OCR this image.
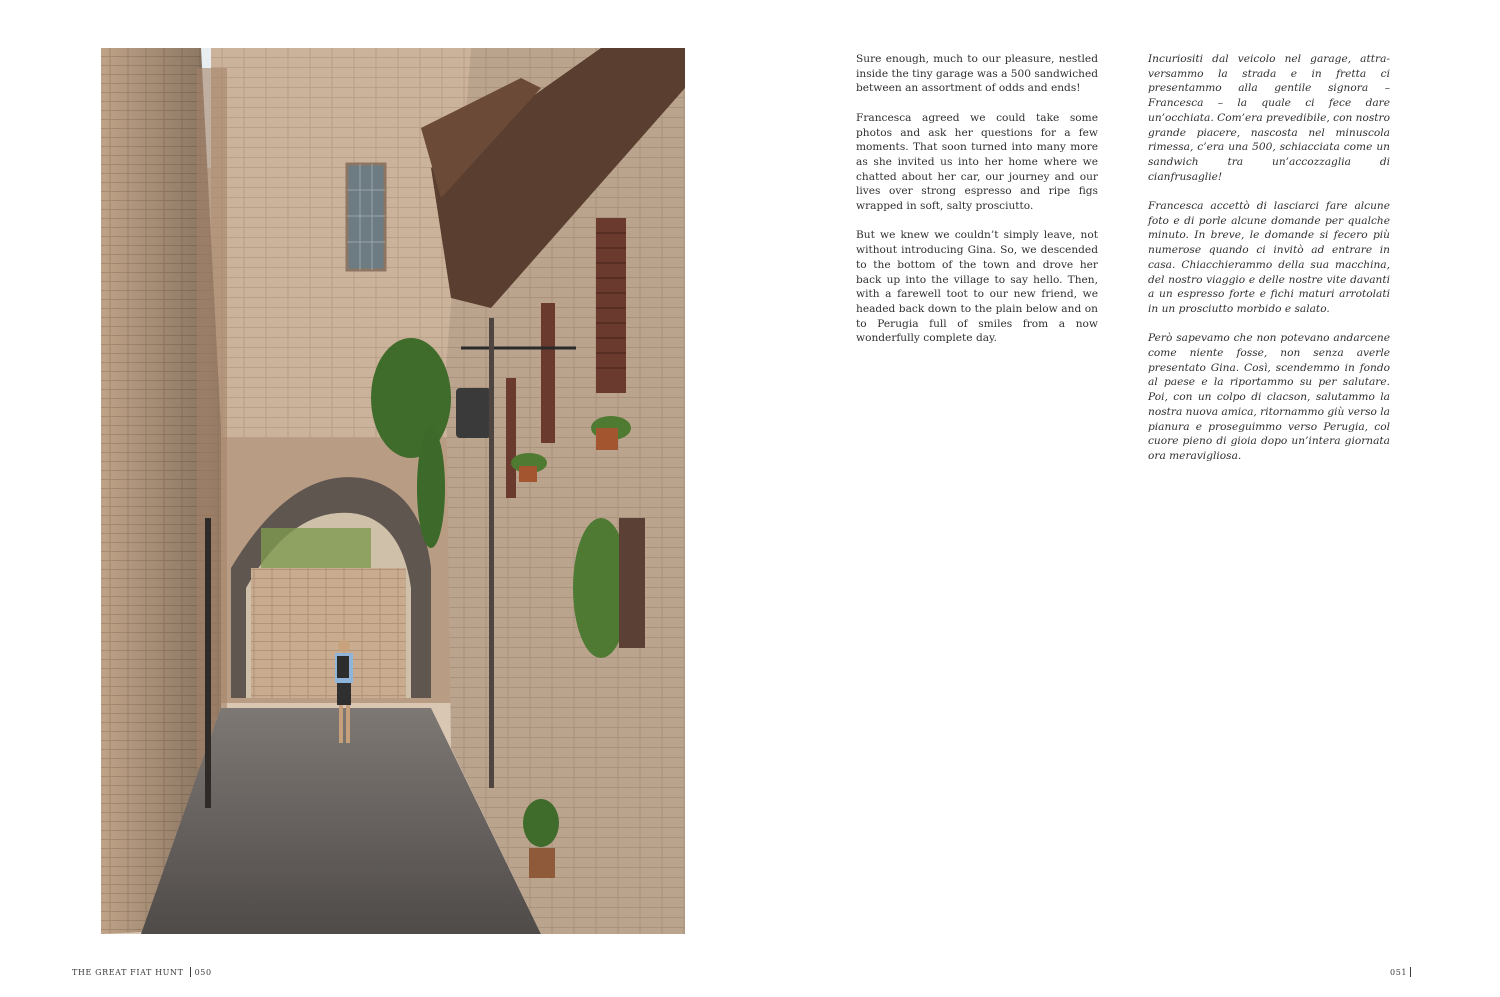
THE GREAT FIAT HUNT 050

Sure enough, much to our pleasure, nestled inside the tiny garage was a 500 sandwiched between an assortment of odds and ends!

Francesca agreed we could take some photos and ask her questions for a few moments. That soon turned into many more as she invited us into her home where we chatted about her car, our journey and our lives over strong espresso and ripe figs wrapped in soft, salty prosciutto.

But we knew we couldn’t simply leave, not without introducing Gina. So, we descended to the bottom of the town and drove her back up into the village to say hello. Then, with a farewell toot to our new friend, we headed back down to the plain below and on to Perugia full of smiles from a now wonderfully complete day.

Incuriositi dal veicolo nel garage, attraversammo la strada e in fretta ci presentammo alla gentile signora – Francesca – la quale ci fece dare un’occhiata. Com’era prevedibile, con nostro grande piacere, nascosta nel minuscola rimessa, c’era una 500, schiacciata come un sandwich tra un’accozzaglia di cianfrusaglie!

Francesca accettò di lasciarci fare alcune foto e di porle alcune domande per qualche minuto. In breve, le domande si fecero più numerose quando ci invitò ad entrare in casa. Chiacchierammo della sua macchina, del nostro viaggio e delle nostre vite davanti a un espresso forte e fichi maturi arrotolati in un prosciutto morbido e salato.

Però sapevamo che non potevano andarcene come niente fosse, non senza averle presentato Gina. Così, scendemmo in fondo al paese e la riportammo su per salutare. Poi, con un colpo di clacson, salutammo la nostra nuova amica, ritornammo giù verso la pianura e proseguimmo verso Perugia, col cuore pieno di gioia dopo un’intera giornata ora meravigliosa.

051
